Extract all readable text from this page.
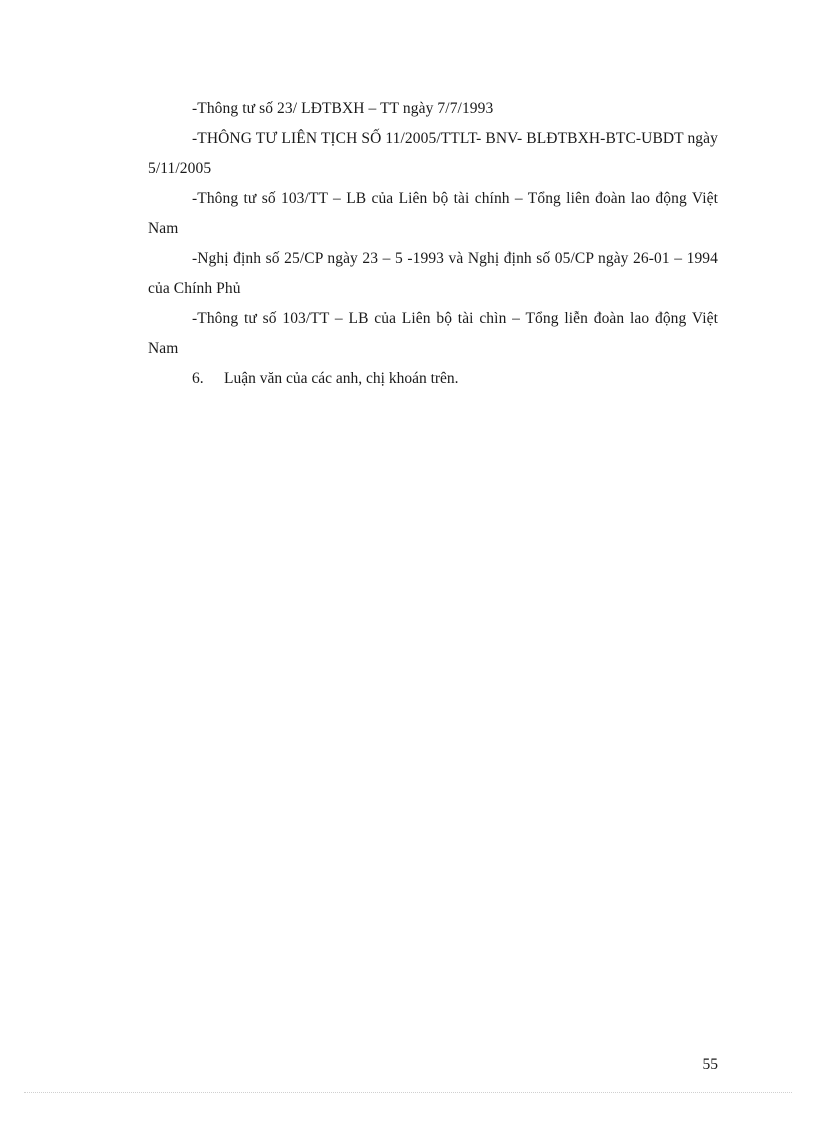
-Thông tư số 23/ LĐTBXH – TT ngày 7/7/1993

-THÔNG TƯ LIÊN TỊCH SỐ 11/2005/TTLT- BNV- BLĐTBXH-BTC-UBDT ngày 5/11/2005

-Thông tư số 103/TT – LB của Liên bộ tài chính – Tổng liên đoàn lao động Việt Nam

-Nghị định số 25/CP ngày 23 – 5 -1993 và Nghị định số 05/CP ngày 26-01 – 1994 của Chính Phủ

-Thông tư số 103/TT – LB của Liên bộ tài chìn – Tổng liễn đoàn lao động Việt Nam

6.	Luận văn của các anh, chị khoán trên.

55
